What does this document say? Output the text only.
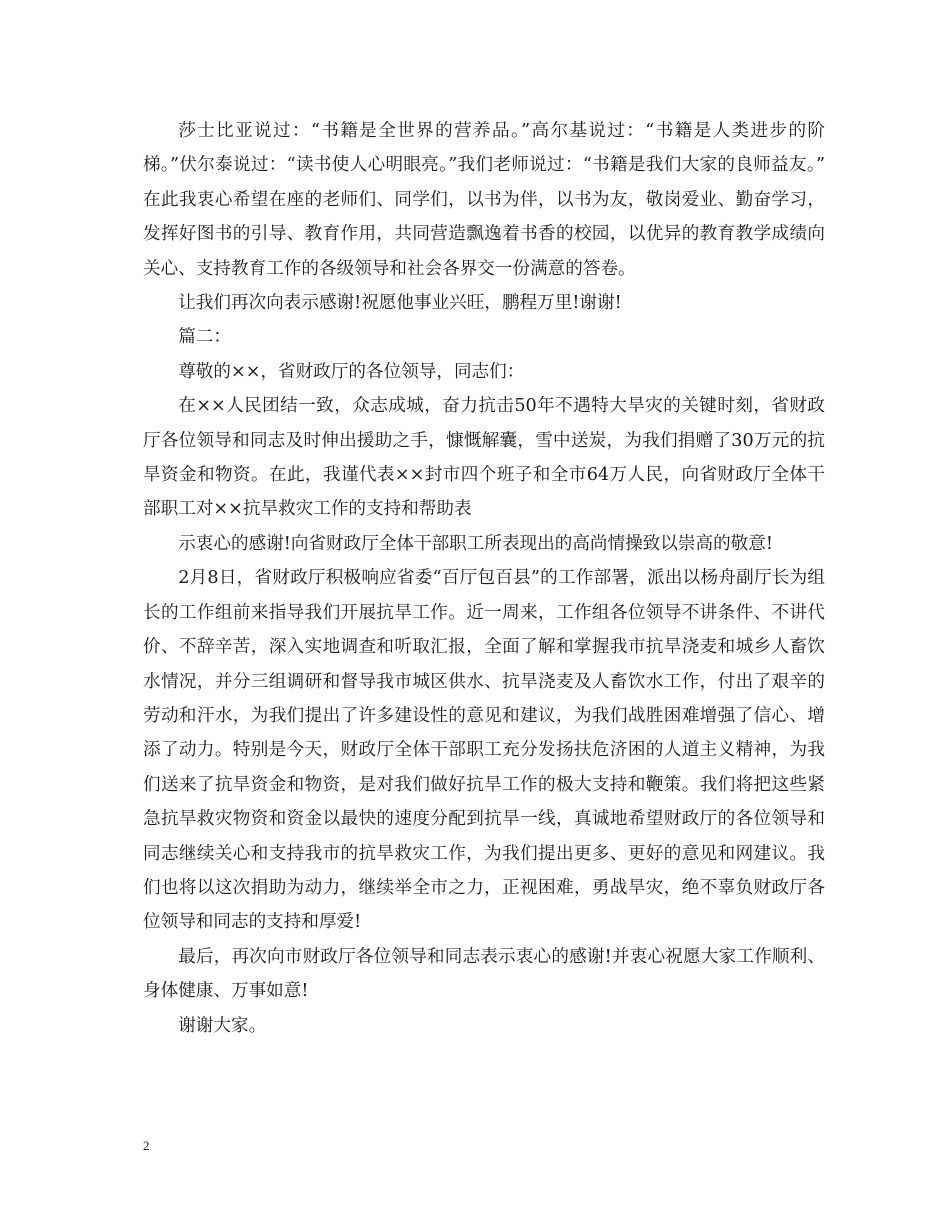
莎士比亚说过：“书籍是全世界的营养品。”高尔基说过：“书籍是人类进步的阶梯。”伏尔泰说过：“读书使人心明眼亮。”我们老师说过：“书籍是我们大家的良师益友。”　在此我衷心希望在座的老师们、同学们，以书为伴，以书为友，敬岗爱业、勤奋学习，发挥好图书的引导、教育作用，共同营造飘逸着书香的校园，以优异的教育教学成绩向关心、支持教育工作的各级领导和社会各界交一份满意的答卷。

让我们再次向表示感谢!祝愿他事业兴旺，鹏程万里!谢谢!

篇二：

尊敬的××，省财政厅的各位领导，同志们：

在××人民团结一致，众志成城，奋力抗击50年不遇特大旱灾的关键时刻，省财政厅各位领导和同志及时伸出援助之手，慷慨解囊，雪中送炭，为我们捐赠了30万元的抗旱资金和物资。在此，我谨代表××封市四个班子和全市64万人民，向省财政厅全体干部职工对××抗旱救灾工作的支持和帮助表

示衷心的感谢!向省财政厅全体干部职工所表现出的高尚情操致以崇高的敬意!

2月8日，省财政厅积极响应省委“百厅包百县”的工作部署，派出以杨舟副厅长为组长的工作组前来指导我们开展抗旱工作。近一周来，工作组各位领导不讲条件、不讲代价、不辞辛苦，深入实地调查和听取汇报，全面了解和掌握我市抗旱浇麦和城乡人畜饮水情况，并分三组调研和督导我市城区供水、抗旱浇麦及人畜饮水工作，付出了艰辛的劳动和汗水，为我们提出了许多建设性的意见和建议，为我们战胜困难增强了信心、增添了动力。特别是今天，财政厅全体干部职工充分发扬扶危济困的人道主义精神，为我们送来了抗旱资金和物资，是对我们做好抗旱工作的极大支持和鞭策。我们将把这些紧急抗旱救灾物资和资金以最快的速度分配到抗旱一线，真诚地希望财政厅的各位领导和同志继续关心和支持我市的抗旱救灾工作，为我们提出更多、更好的意见和网建议。我们也将以这次捐助为动力，继续举全市之力，正视困难，勇战旱灾，绝不辜负财政厅各位领导和同志的支持和厚爱!

最后，再次向市财政厅各位领导和同志表示衷心的感谢!并衷心祝愿大家工作顺利、身体健康、万事如意!

谢谢大家。

2
